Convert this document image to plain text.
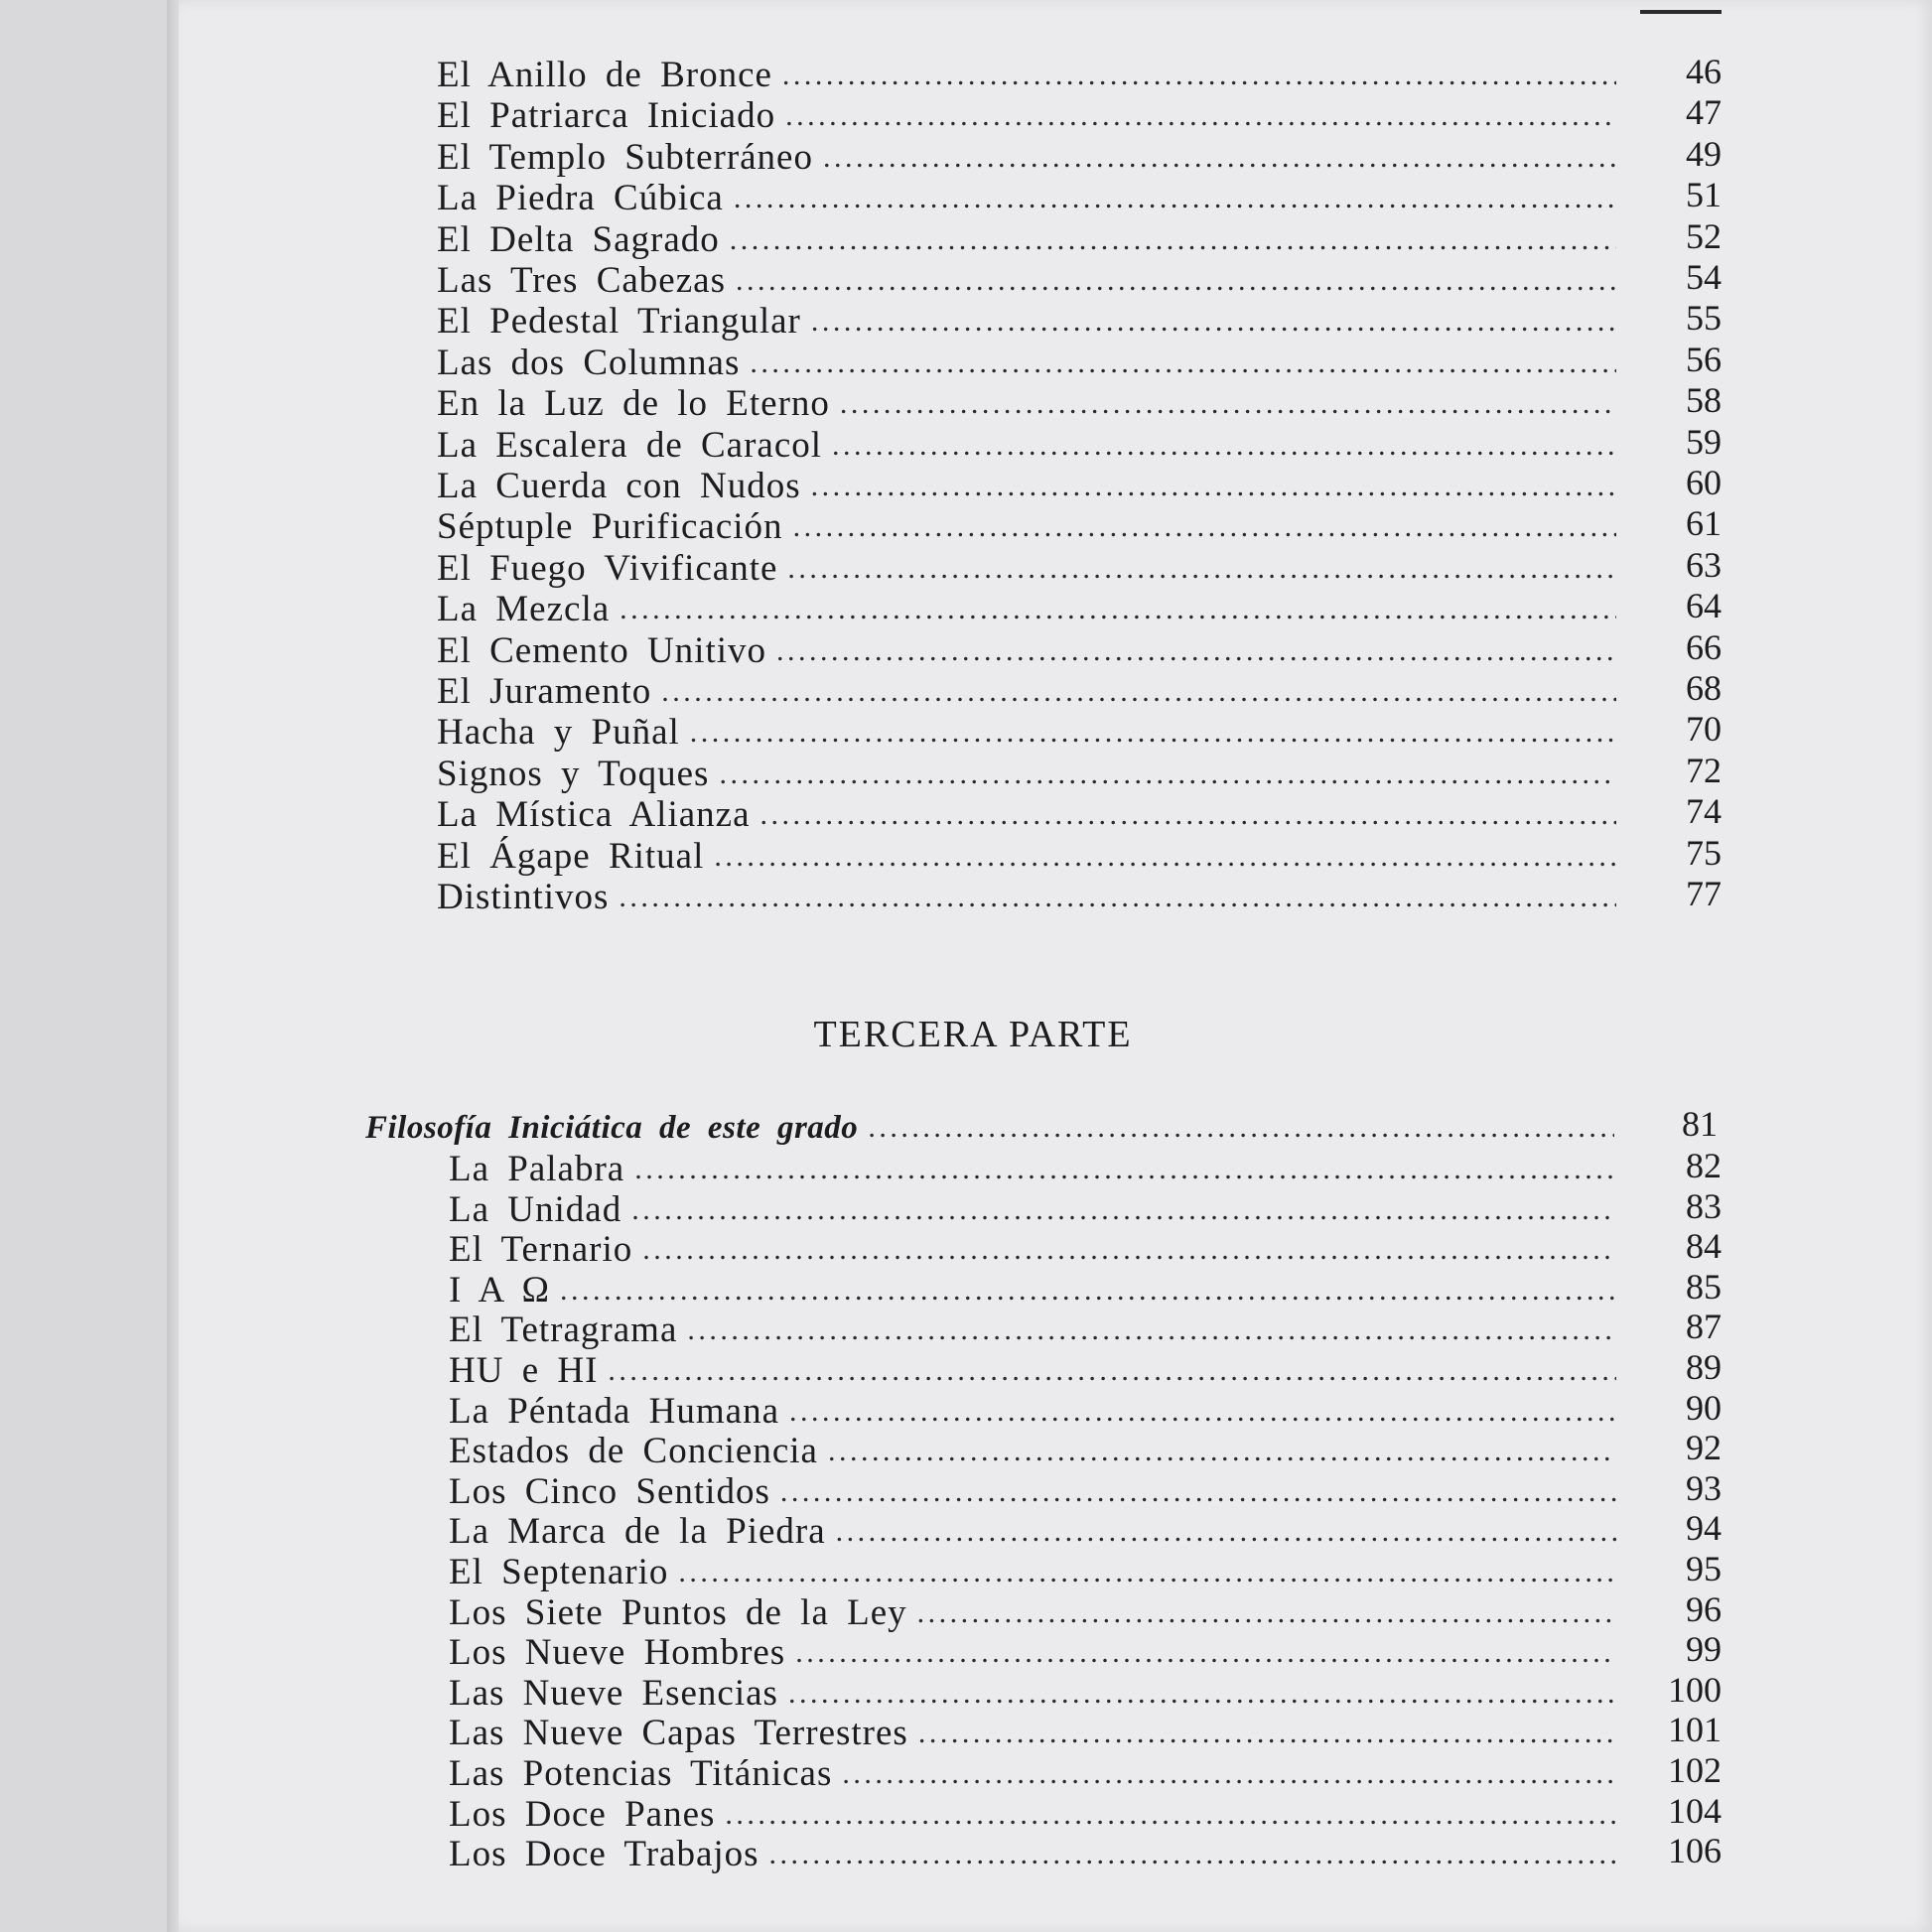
El Anillo de Bronce . . .	46
El Patriarca Iniciado . . .	47
El Templo Subterráneo . . .	49
La Piedra Cúbica . . .	51
El Delta Sagrado . . .	52
Las Tres Cabezas . . .	54
El Pedestal Triangular . . .	55
Las dos Columnas . . .	56
En la Luz de lo Eterno . . .	58
La Escalera de Caracol . . .	59
La Cuerda con Nudos . . .	60
Séptuple Purificación . . .	61
El Fuego Vivificante . . .	63
La Mezcla . . .	64
El Cemento Unitivo . . .	66
El Juramento . . .	68
Hacha y Puñal . . .	70
Signos y Toques . . .	72
La Mística Alianza . . .	74
El Ágape Ritual . . .	75
Distintivos . . .	77
TERCERA PARTE
Filosofía Iniciática de este grado . . .	81
La Palabra . . .	82
La Unidad . . .	83
El Ternario . . .	84
I A Ω . . .	85
El Tetragrama . . .	87
HU e HI . . .	89
La Péntada Humana . . .	90
Estados de Conciencia . . .	92
Los Cinco Sentidos . . .	93
La Marca de la Piedra . . .	94
El Septenario . . .	95
Los Siete Puntos de la Ley . . .	96
Los Nueve Hombres . . .	99
Las Nueve Esencias . . .	100
Las Nueve Capas Terrestres . . .	101
Las Potencias Titánicas . . .	102
Los Doce Panes . . .	104
Los Doce Trabajos . . .	106
